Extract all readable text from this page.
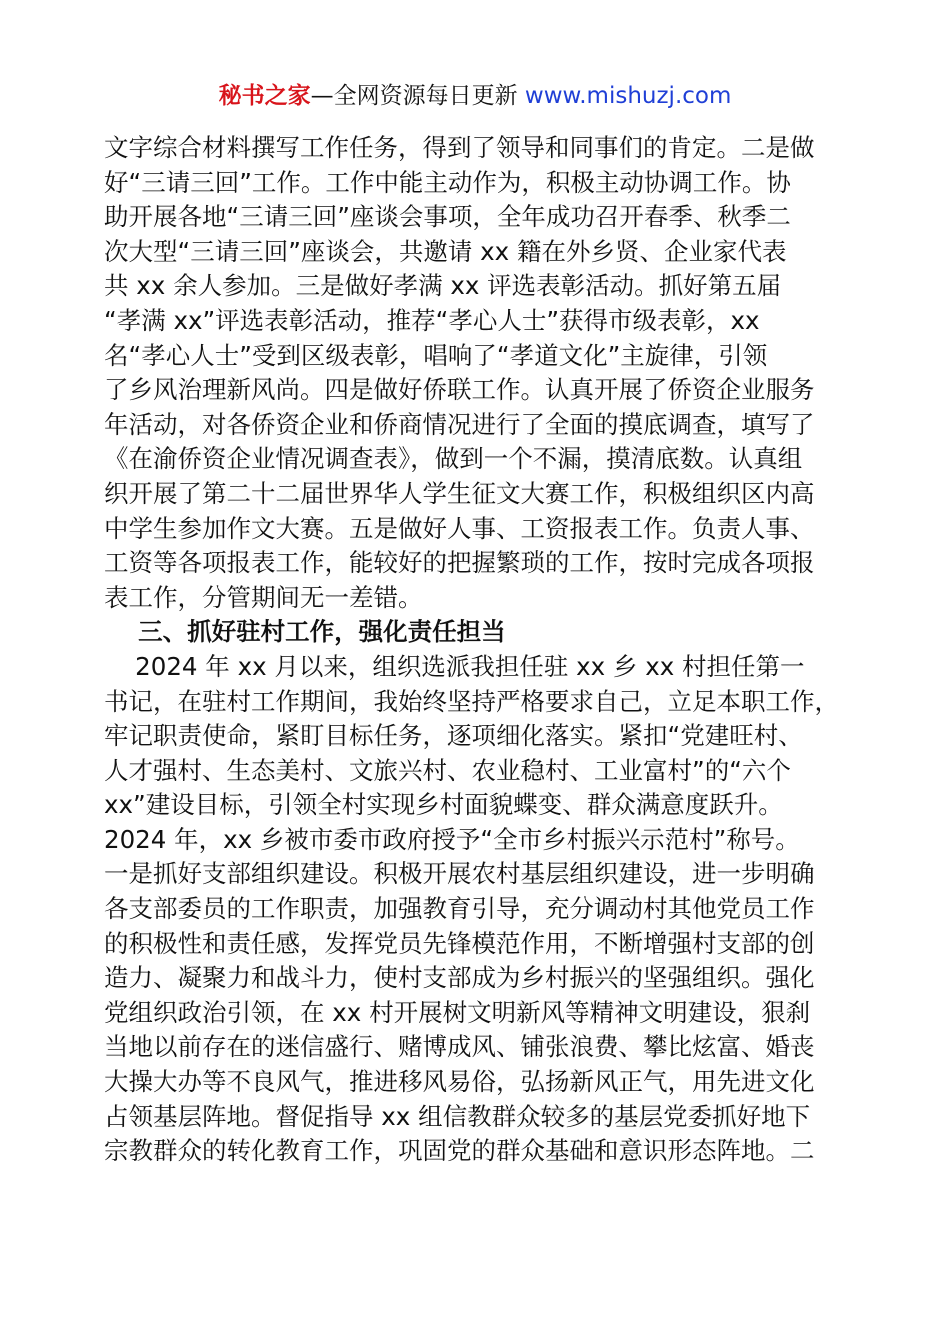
秘书之家—全网资源每日更新 www.mishuzj.com
文字综合材料撰写工作任务，得到了领导和同事们的肯定。二是做
好“三请三回”工作。工作中能主动作为，积极主动协调工作。协
助开展各地“三请三回”座谈会事项，全年成功召开春季、秋季二
次大型“三请三回”座谈会，共邀请 xx 籍在外乡贤、企业家代表
共 xx 余人参加。三是做好孝满 xx 评选表彰活动。抓好第五届
“孝满 xx”评选表彰活动，推荐“孝心人士”获得市级表彰，xx
名“孝心人士”受到区级表彰，唱响了“孝道文化”主旋律，引领
了乡风治理新风尚。四是做好侨联工作。认真开展了侨资企业服务
年活动，对各侨资企业和侨商情况进行了全面的摸底调查，填写了
《在渝侨资企业情况调查表》，做到一个不漏，摸清底数。认真组
织开展了第二十二届世界华人学生征文大赛工作，积极组织区内高
中学生参加作文大赛。五是做好人事、工资报表工作。负责人事、
工资等各项报表工作，能较好的把握繁琐的工作，按时完成各项报
表工作，分管期间无一差错。
三、抓好驻村工作，强化责任担当
2024 年 xx 月以来，组织选派我担任驻 xx 乡 xx 村担任第一
书记，在驻村工作期间，我始终坚持严格要求自己，立足本职工作，
牢记职责使命，紧盯目标任务，逐项细化落实。紧扣“党建旺村、
人才强村、生态美村、文旅兴村、农业稳村、工业富村”的“六个
xx”建设目标，引领全村实现乡村面貌蝶变、群众满意度跃升。
2024 年，xx 乡被市委市政府授予“全市乡村振兴示范村”称号。
一是抓好支部组织建设。积极开展农村基层组织建设，进一步明确
各支部委员的工作职责，加强教育引导，充分调动村其他党员工作
的积极性和责任感，发挥党员先锋模范作用，不断增强村支部的创
造力、凝聚力和战斗力，使村支部成为乡村振兴的坚强组织。强化
党组织政治引领，在 xx 村开展树文明新风等精神文明建设，狠刹
当地以前存在的迷信盛行、赌博成风、铺张浪费、攀比炫富、婚丧
大操大办等不良风气，推进移风易俗，弘扬新风正气，用先进文化
占领基层阵地。督促指导 xx 组信教群众较多的基层党委抓好地下
宗教群众的转化教育工作，巩固党的群众基础和意识形态阵地。二
